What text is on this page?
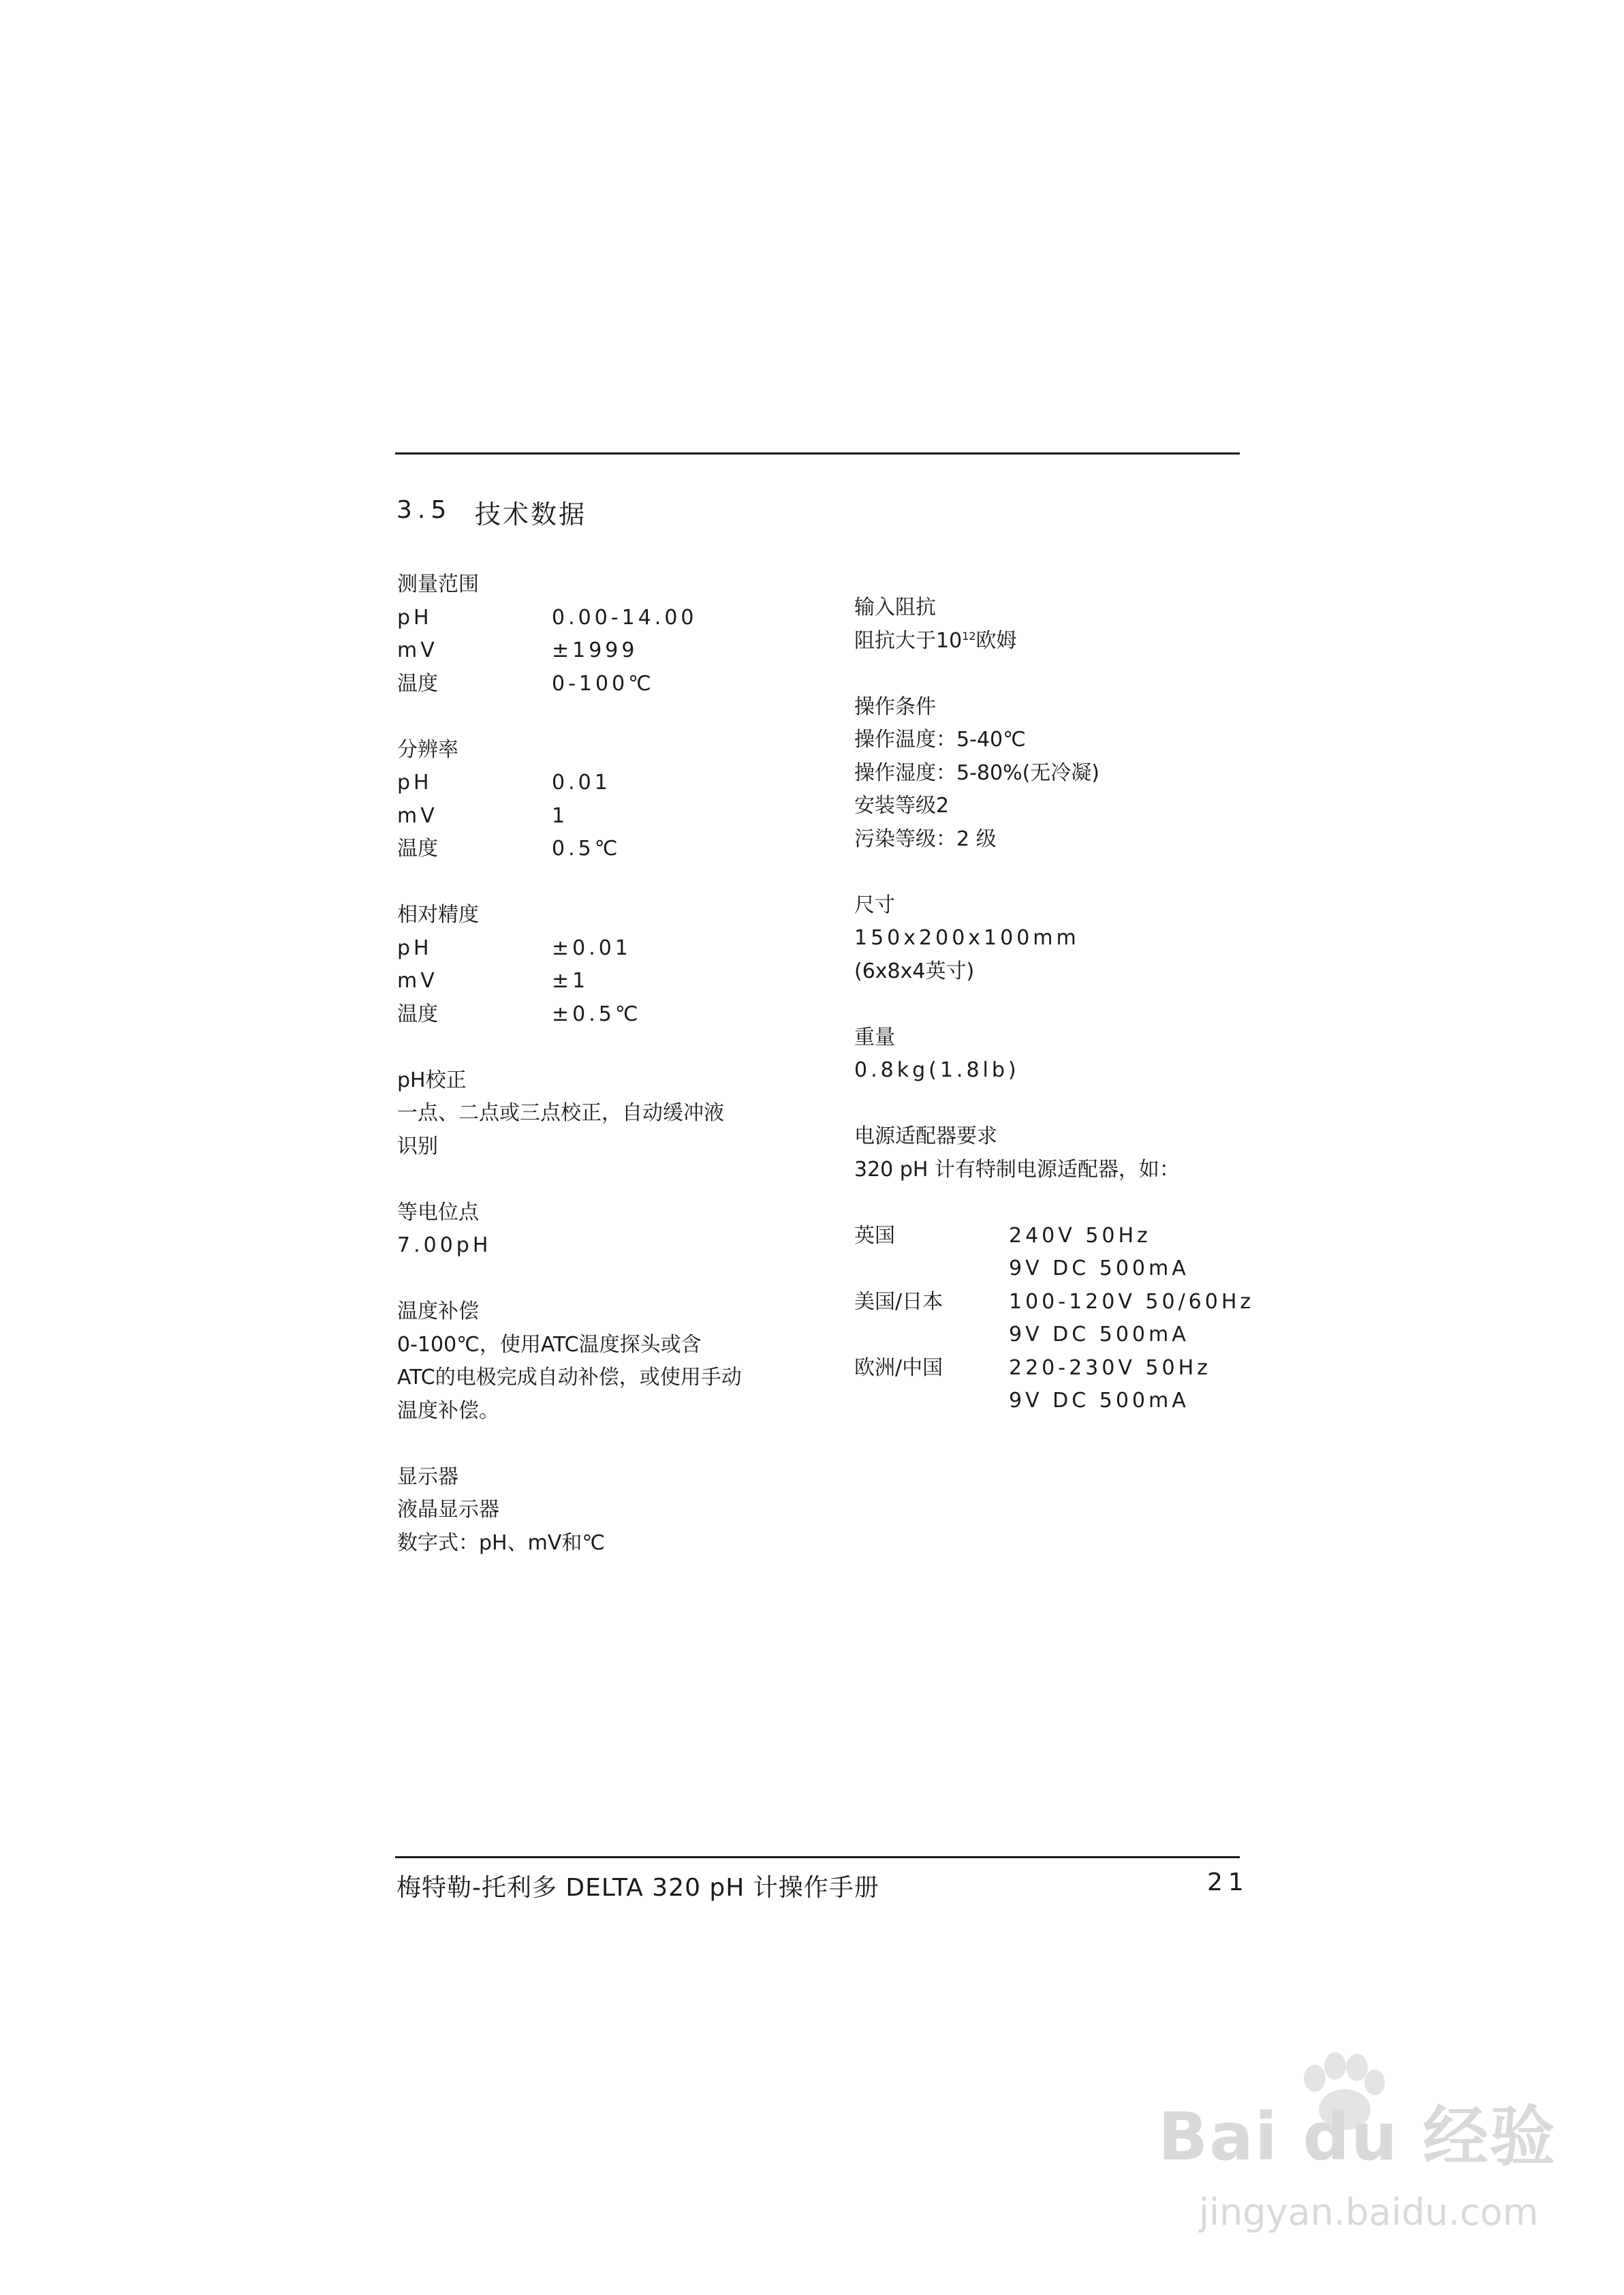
3.5 技术数据
测量范围
pH	0.00-14.00
mV	±1999
温度	0-100℃
分辨率
pH	0.01
mV	1
温度	0.5℃
相对精度
pH	±0.01
mV	±1
温度	±0.5℃
pH校正
一点、二点或三点校正，自动缓冲液
识别
等电位点
7.00pH
温度补偿
0-100℃，使用ATC温度探头或含
ATC的电极完成自动补偿，或使用手动
温度补偿。
显示器
液晶显示器
数字式：pH、mV和℃
输入阻抗
阻抗大于$10^{12}$欧姆
操作条件
操作温度：5-40℃
操作湿度：5-80%(无冷凝)
安装等级2
污染等级：2 级
尺寸
150x200x100mm
(6x8x4英寸)
重量
0.8kg(1.8lb)
电源适配器要求
320 pH 计有特制电源适配器，如：
英国	240V 50Hz
9V DC 500mA
美国/日本	100-120V 50/60Hz
9V DC 500mA
欧洲/中国	220-230V 50Hz
9V DC 500mA
梅特勒-托利多 DELTA 320 pH 计操作手册	21
Bai du 经验
jingyan.baidu.com
